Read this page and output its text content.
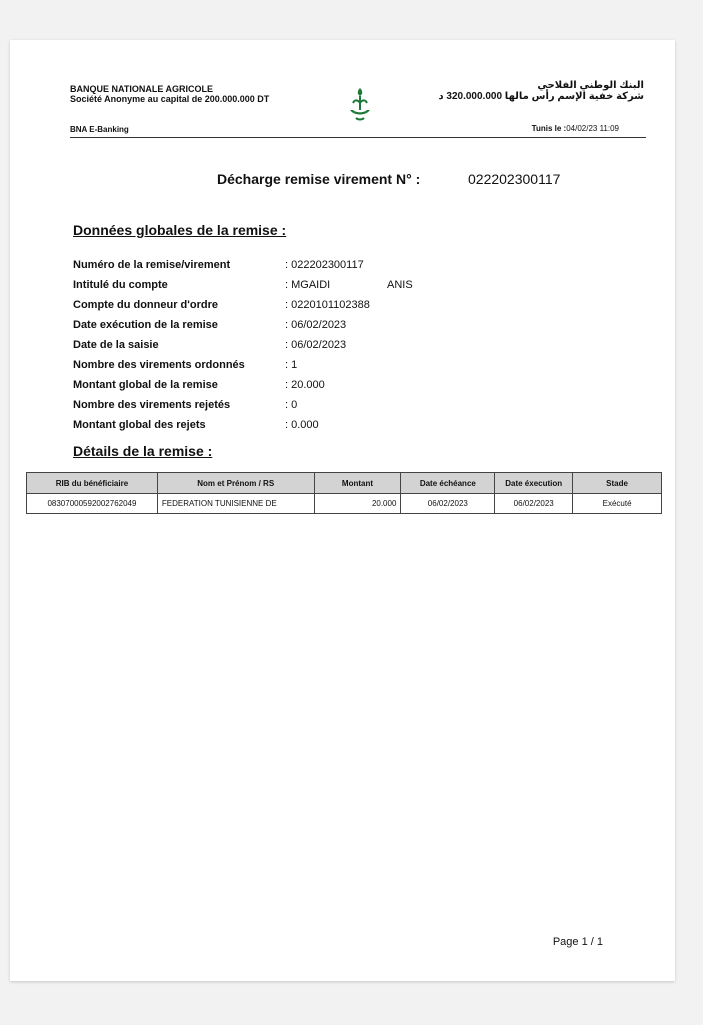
BANQUE NATIONALE AGRICOLE
Société Anonyme au capital de 200.000.000 DT
البنك الوطني الفلاحي
شركة خفية الإسم رأس مالها 320.000.000 د
BNA E-Banking	Tunis le :04/02/23 11:09
Décharge remise virement N° :	022202300117
Données globales de la remise :
Numéro de la remise/virement	: 022202300117
Intitulé du compte	: MGAIDI	ANIS
Compte du donneur d'ordre	: 0220101102388
Date exécution de la remise	: 06/02/2023
Date de la saisie	: 06/02/2023
Nombre des virements ordonnés	: 1
Montant global de la remise	: 20.000
Nombre des virements rejetés	: 0
Montant global des rejets	: 0.000
Détails de la remise :
RIB du bénéficiaire	Nom et Prénom / RS	Montant	Date échéance	Date éxecution	Stade
08307000592002762049	FEDERATION TUNISIENNE DE	20.000	06/02/2023	06/02/2023	Exécuté
Page 1 / 1
